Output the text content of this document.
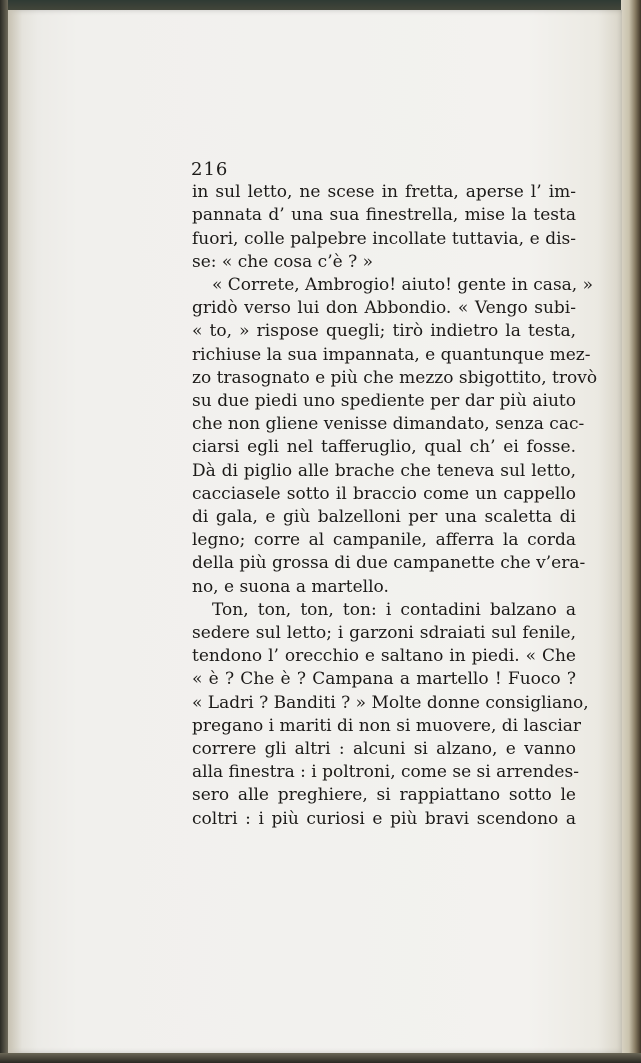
216
in sul letto, ne scese in fretta, aperse l’ im-
pannata d’ una sua finestrella, mise la testa
fuori, colle palpebre incollate tuttavia, e dis-
se: « che cosa c’è ? »
« Correte, Ambrogio! aiuto! gente in casa, »
gridò verso lui don Abbondio. « Vengo subi-
« to, » rispose quegli; tirò indietro la testa,
richiuse la sua impannata, e quantunque mez-
zo trasognato e più che mezzo sbigottito, trovò
su due piedi uno spediente per dar più aiuto
che non gliene venisse dimandato, senza cac-
ciarsi egli nel tafferuglio, qual ch’ ei fosse.
Dà di piglio alle brache che teneva sul letto,
cacciasele sotto il braccio come un cappello
di gala, e giù balzelloni per una scaletta di
legno; corre al campanile, afferra la corda
della più grossa di due campanette che v’era-
no, e suona a martello.
Ton, ton, ton, ton: i contadini balzano a
sedere sul letto; i garzoni sdraiati sul fenile,
tendono l’ orecchio e saltano in piedi. « Che
« è ? Che è ? Campana a martello ! Fuoco ?
« Ladri ? Banditi ? » Molte donne consigliano,
pregano i mariti di non si muovere, di lasciar
correre gli altri : alcuni si alzano, e vanno
alla finestra : i poltroni, come se si arrendes-
sero alle preghiere, si rappiattano sotto le
coltri : i più curiosi e più bravi scendono a
